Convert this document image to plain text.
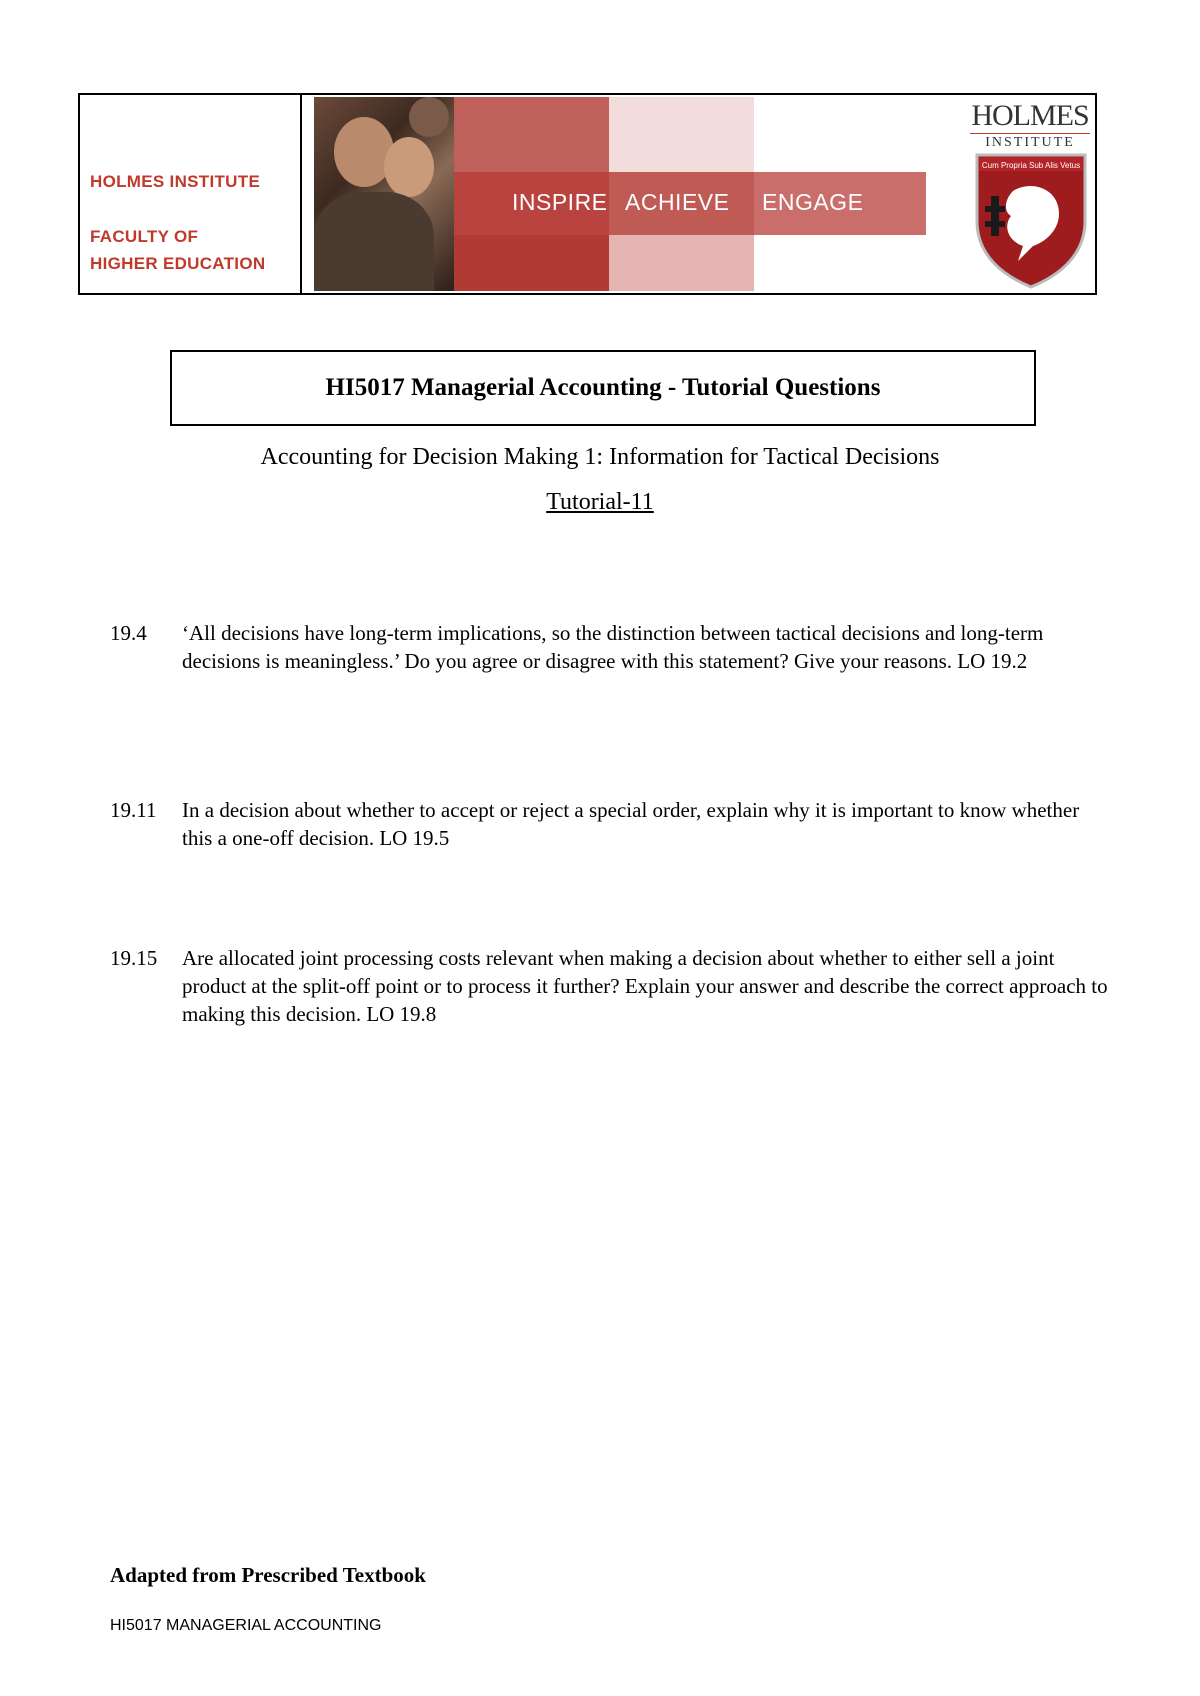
HOLMES INSTITUTE
FACULTY OF
HIGHER EDUCATION
INSPIRE ACHIEVE ENGAGE
HOLMES
INSTITUTE
Cum Propria Sub Alis Vetus
HI5017 Managerial Accounting - Tutorial Questions
Accounting for Decision Making 1: Information for Tactical Decisions
Tutorial-11
19.4 ‘All decisions have long-term implications, so the distinction between tactical decisions and long-term decisions is meaningless.’ Do you agree or disagree with this statement? Give your reasons. LO 19.2
19.11 In a decision about whether to accept or reject a special order, explain why it is important to know whether this a one-off decision. LO 19.5
19.15 Are allocated joint processing costs relevant when making a decision about whether to either sell a joint product at the split-off point or to process it further? Explain your answer and describe the correct approach to making this decision. LO 19.8
Adapted from Prescribed Textbook
HI5017 MANAGERIAL ACCOUNTING
